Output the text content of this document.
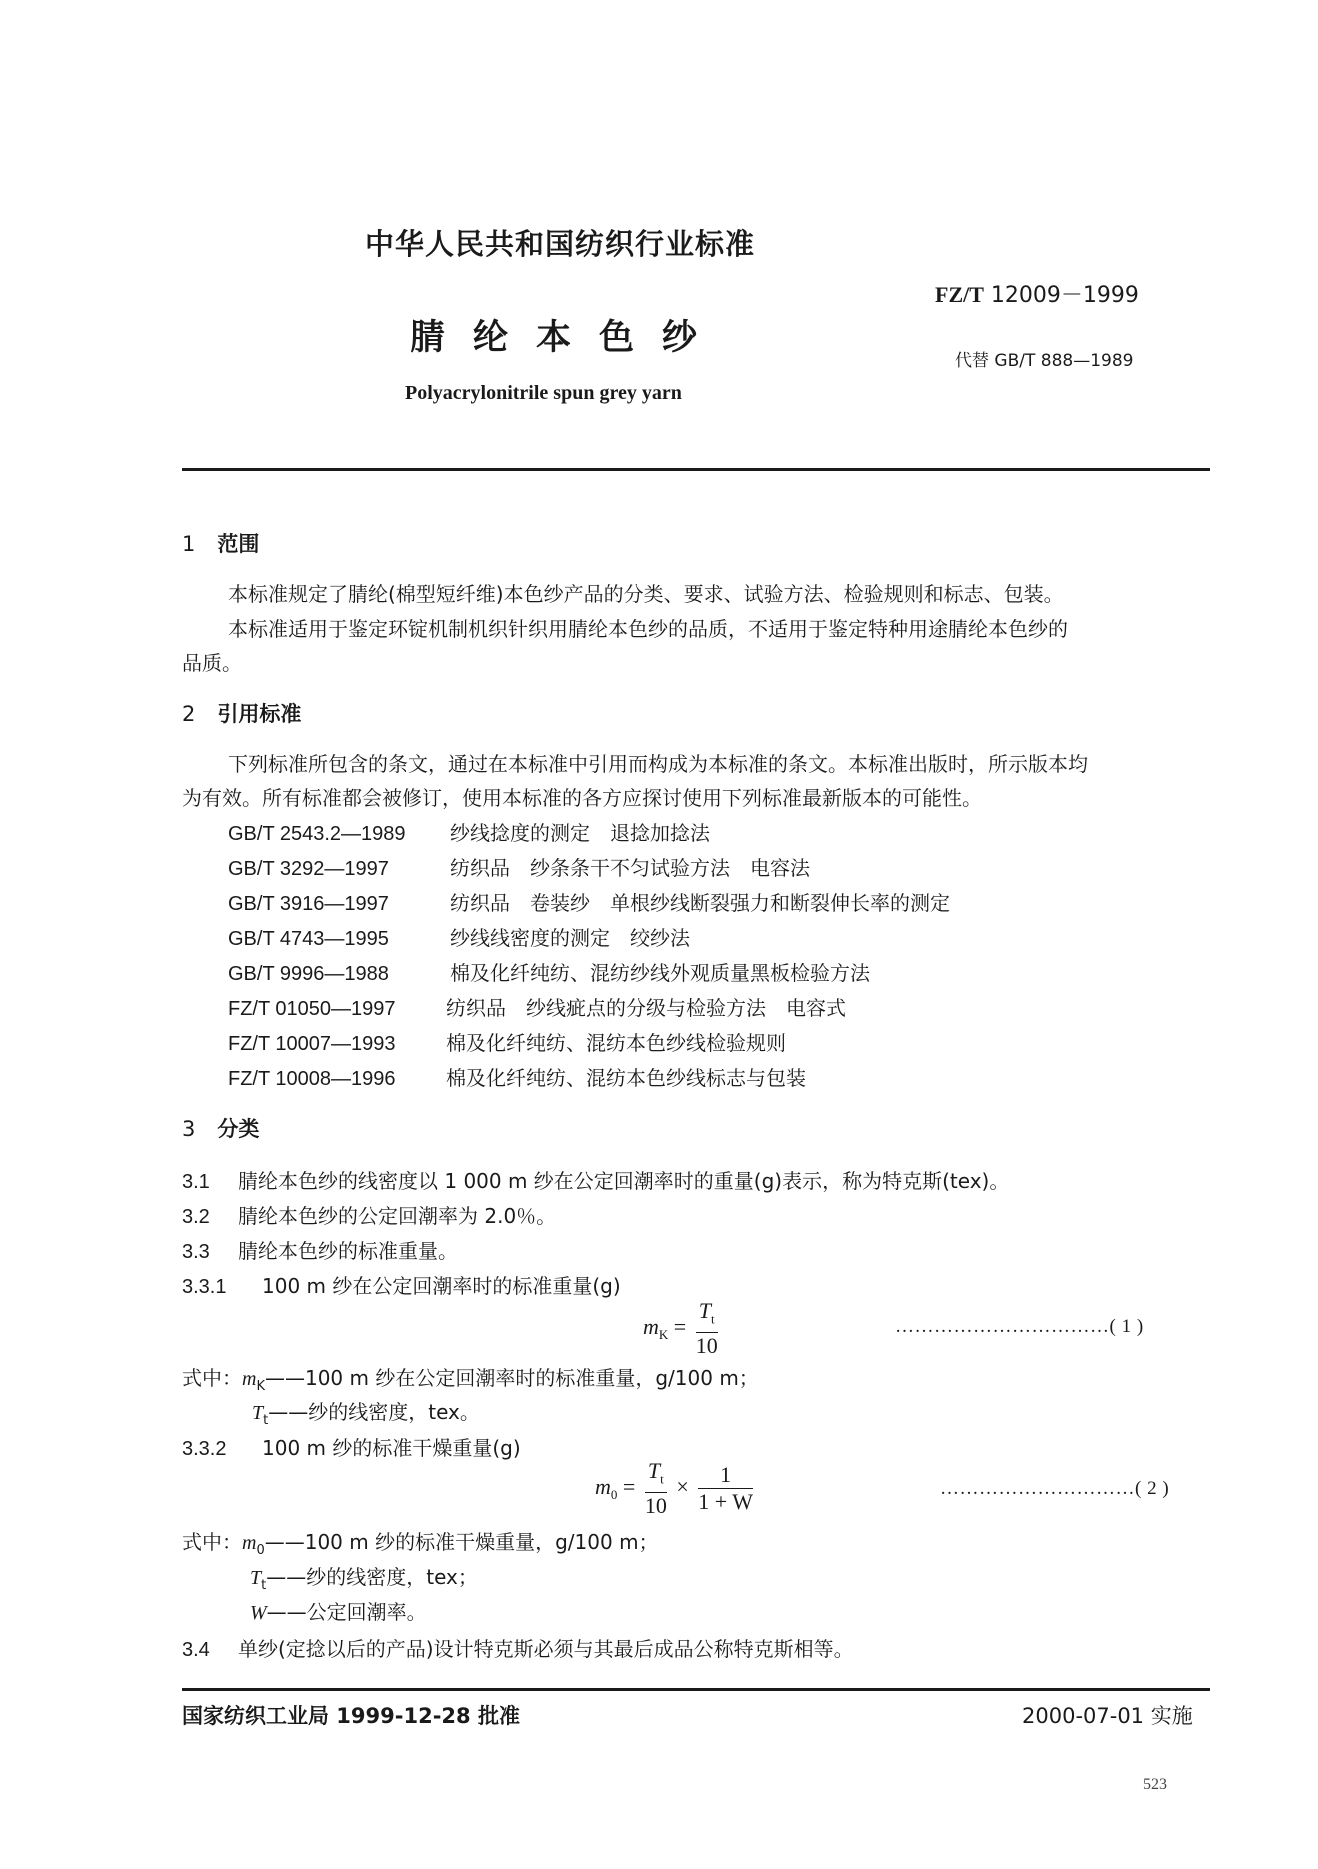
中华人民共和国纺织行业标准
FZ/T 12009－1999
腈纶本色纱
代替 GB/T 888—1989
Polyacrylonitrile spun grey yarn
1 范围
本标准规定了腈纶(棉型短纤维)本色纱产品的分类、要求、试验方法、检验规则和标志、包装。
本标准适用于鉴定环锭机制机织针织用腈纶本色纱的品质，不适用于鉴定特种用途腈纶本色纱的
品质。
2 引用标准
下列标准所包含的条文，通过在本标准中引用而构成为本标准的条文。本标准出版时，所示版本均
为有效。所有标准都会被修订，使用本标准的各方应探讨使用下列标准最新版本的可能性。
GB/T 2543.2—1989 纱线捻度的测定　退捻加捻法
GB/T 3292—1997	纺织品　纱条条干不匀试验方法　电容法
GB/T 3916—1997	纺织品　卷装纱　单根纱线断裂强力和断裂伸长率的测定
GB/T 4743—1995	纱线线密度的测定　绞纱法
GB/T 9996—1988	棉及化纤纯纺、混纺纱线外观质量黑板检验方法
FZ/T 01050—1997	纺织品　纱线疵点的分级与检验方法　电容式
FZ/T 10007—1993	棉及化纤纯纺、混纺本色纱线检验规则
FZ/T 10008—1996	棉及化纤纯纺、混纺本色纱线标志与包装
3 分类
3.1 腈纶本色纱的线密度以 1 000 m 纱在公定回潮率时的重量(g)表示，称为特克斯(tex)。
3.2 腈纶本色纱的公定回潮率为 2.0％。
3.3 腈纶本色纱的标准重量。
3.3.1 100 m 纱在公定回潮率时的标准重量(g)
$m_K = \frac{T_t}{10}$	……………………………( 1 )
式中：$m_K——100$ m 纱在公定回潮率时的标准重量，g/100 m；
$T_t——$纱的线密度，tex。
3.3.2 100 m 纱的标准干燥重量(g)
$m_0 = \frac{T_t}{10} \times \frac{1}{1 + W}$	…………………………( 2 )
式中：$m_0——100$ m 纱的标准干燥重量，g/100 m；
$T_t——$纱的线密度，tex；
W——公定回潮率。
3.4 单纱(定捻以后的产品)设计特克斯必须与其最后成品公称特克斯相等。
国家纺织工业局 1999-12-28 批准	2000-07-01 实施
523
